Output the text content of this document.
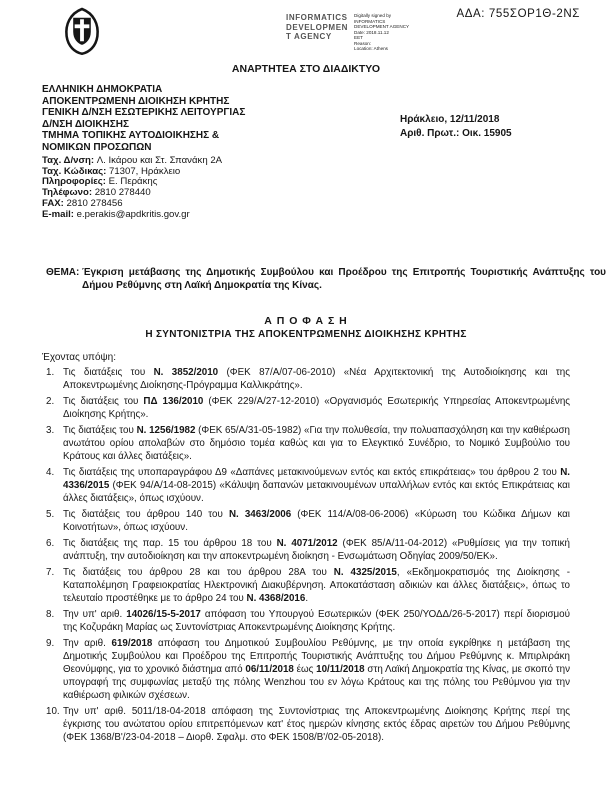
ΑΔΑ: 755ΣΟΡ1Θ-2ΝΣ
INFORMATICS
DEVELOPMEN
T AGENCY
Digitally signed by
INFORMATICS
DEVELOPMENT AGENCY
Date: 2018.11.12
EET
Reason:
Location: Athens
ΑΝΑΡΤΗΤΕΑ ΣΤΟ ΔΙΑΔΙΚΤΥΟ
ΕΛΛΗΝΙΚΗ ΔΗΜΟΚΡΑΤΙΑ
ΑΠΟΚΕΝΤΡΩΜΕΝΗ ΔΙΟΙΚΗΣΗ ΚΡΗΤΗΣ
ΓΕΝΙΚΗ Δ/ΝΣΗ ΕΣΩΤΕΡΙΚΗΣ ΛΕΙΤΟΥΡΓΙΑΣ
Δ/ΝΣΗ ΔΙΟΙΚΗΣΗΣ
ΤΜΗΜΑ ΤΟΠΙΚΗΣ ΑΥΤΟΔΙΟΙΚΗΣΗΣ &
ΝΟΜΙΚΩΝ ΠΡΟΣΩΠΩΝ
Ταχ. Δ/νση: Λ. Ικάρου και Στ. Σπανάκη 2Α
Ταχ. Κώδικας: 71307, Ηράκλειο
Πληροφορίες: Ε. Περάκης
Τηλέφωνο: 2810 278440
FAX: 2810 278456
E-mail: e.perakis@apdkritis.gov.gr
Ηράκλειο, 12/11/2018
Αριθ. Πρωτ.: Οικ. 15905
ΘΕΜΑ: Έγκριση μετάβασης της Δημοτικής Συμβούλου και Προέδρου της Επιτροπής Τουριστικής Ανάπτυξης του Δήμου Ρεθύμνης στη Λαϊκή Δημοκρατία της Κίνας.
Α Π Ο Φ Α Σ Η
Η ΣΥΝΤΟΝΙΣΤΡΙΑ ΤΗΣ ΑΠΟΚΕΝΤΡΩΜΕΝΗΣ ΔΙΟΙΚΗΣΗΣ ΚΡΗΤΗΣ
Έχοντας υπόψη:
1. Τις διατάξεις του Ν. 3852/2010 (ΦΕΚ 87/Α/07-06-2010) «Νέα Αρχιτεκτονική της Αυτοδιοίκησης και της Αποκεντρωμένης Διοίκησης-Πρόγραμμα Καλλικράτης».
2. Τις διατάξεις του ΠΔ 136/2010 (ΦΕΚ 229/Α/27-12-2010) «Οργανισμός Εσωτερικής Υπηρεσίας Αποκεντρωμένης Διοίκησης Κρήτης».
3. Τις διατάξεις του Ν. 1256/1982 (ΦΕΚ 65/Α/31-05-1982) «Για την πολυθεσία, την πολυαπασχόληση και την καθιέρωση ανωτάτου ορίου απολαβών στο δημόσιο τομέα καθώς και για το Ελεγκτικό Συνέδριο, το Νομικό Συμβούλιο του Κράτους και άλλες διατάξεις».
4. Τις διατάξεις της υποπαραγράφου Δ9 «Δαπάνες μετακινούμενων εντός και εκτός επικράτειας» του άρθρου 2 του Ν. 4336/2015 (ΦΕΚ 94/Α/14-08-2015) «Κάλυψη δαπανών μετακινουμένων υπαλλήλων εντός και εκτός Επικράτειας και άλλες διατάξεις», όπως ισχύουν.
5. Τις διατάξεις του άρθρου 140 του Ν. 3463/2006 (ΦΕΚ 114/Α/08-06-2006) «Κύρωση του Κώδικα Δήμων και Κοινοτήτων», όπως ισχύουν.
6. Τις διατάξεις της παρ. 15 του άρθρου 18 του Ν. 4071/2012 (ΦΕΚ 85/Α/11-04-2012) «Ρυθμίσεις για την τοπική ανάπτυξη, την αυτοδιοίκηση και την αποκεντρωμένη διοίκηση - Ενσωμάτωση Οδηγίας 2009/50/ΕΚ».
7. Τις διατάξεις του άρθρου 28 και του άρθρου 28Α του Ν. 4325/2015, «Εκδημοκρατισμός της Διοίκησης - Καταπολέμηση Γραφειοκρατίας Ηλεκτρονική Διακυβέρνηση. Αποκατάσταση αδικιών και άλλες διατάξεις», όπως το τελευταίο προστέθηκε με το άρθρο 24 του Ν. 4368/2016.
8. Την υπ' αριθ. 14026/15-5-2017 απόφαση του Υπουργού Εσωτερικών (ΦΕΚ 250/ΥΟΔΔ/26-5-2017) περί διορισμού της Κοζυράκη Μαρίας ως Συντονίστριας Αποκεντρωμένης Διοίκησης Κρήτης.
9. Την αριθ. 619/2018 απόφαση του Δημοτικού Συμβουλίου Ρεθύμνης, με την οποία εγκρίθηκε η μετάβαση της Δημοτικής Συμβούλου και Προέδρου της Επιτροπής Τουριστικής Ανάπτυξης του Δήμου Ρεθύμνης κ. Μπιρλιράκη Θεονύμφης, για το χρονικό διάστημα από 06/11/2018 έως 10/11/2018 στη Λαϊκή Δημοκρατία της Κίνας, με σκοπό την υπογραφή της συμφωνίας μεταξύ της πόλης Wenzhou του εν λόγω Κράτους και της πόλης του Ρεθύμνου για την καθιέρωση φιλικών σχέσεων.
10. Την υπ' αριθ. 5011/18-04-2018 απόφαση της Συντονίστριας της Αποκεντρωμένης Διοίκησης Κρήτης περί της έγκρισης του ανώτατου ορίου επιτρεπόμενων κατ' έτος ημερών κίνησης εκτός έδρας αιρετών του Δήμου Ρεθύμνης (ΦΕΚ 1368/Β'/23-04-2018 – Διορθ. Σφαλμ. στο ΦΕΚ 1508/Β'/02-05-2018).
